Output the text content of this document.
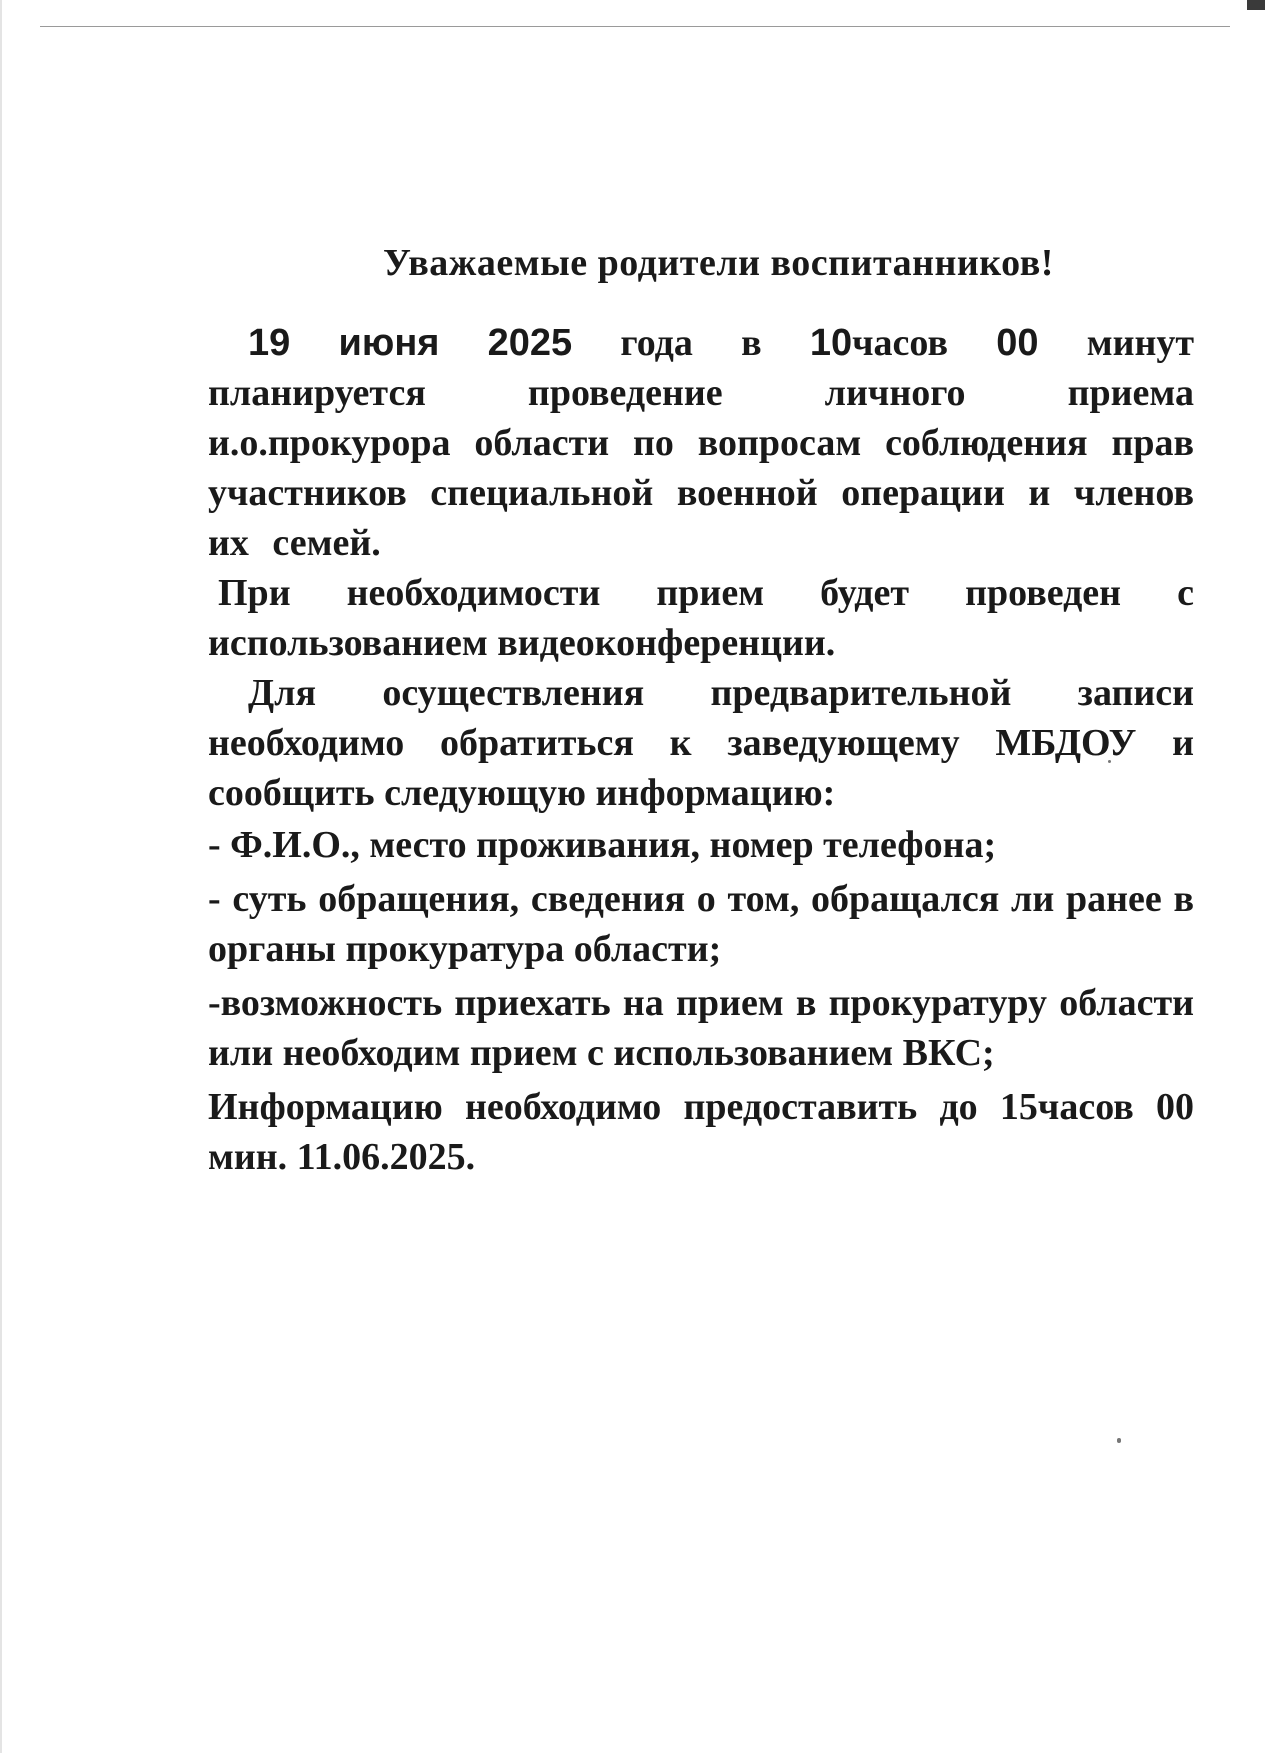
Уважаемые родители воспитанников!

19 июня 2025 года в 10часов 00 минут планируется проведение личного приема и.о.прокурора области по вопросам соблюдения прав участников специальной военной операции и членов их семей.

При необходимости прием будет проведен с использованием видеоконференции.

Для осуществления предварительной записи необходимо обратиться к заведующему МБДОУ и сообщить следующую информацию:

- Ф.И.О., место проживания, номер телефона;

- суть обращения, сведения о том, обращался ли ранее в органы прокуратура области;

-возможность приехать на прием в прокуратуру области или необходим прием с использованием ВКС;

Информацию необходимо предоставить до 15часов 00 мин. 11.06.2025.
